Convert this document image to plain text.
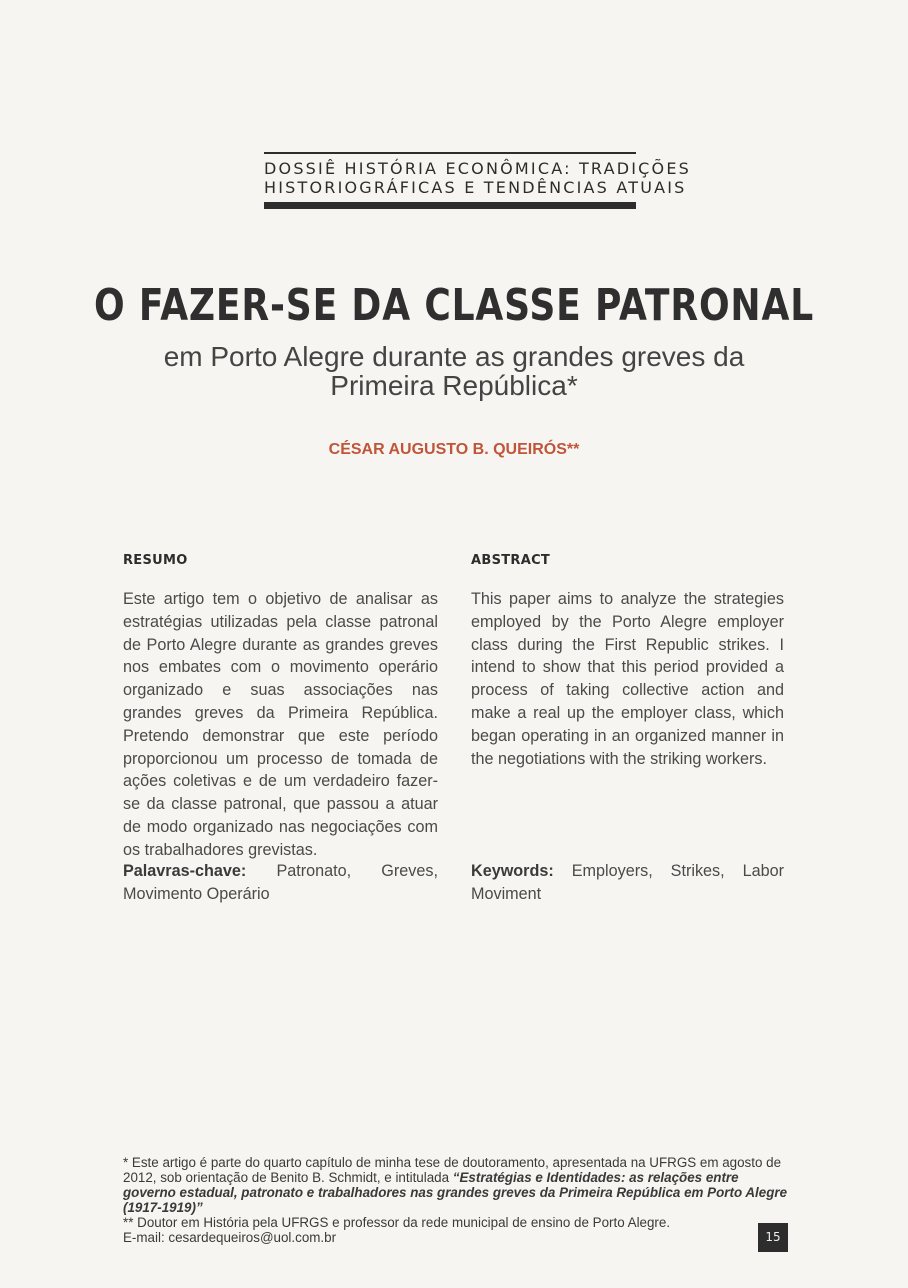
DOSSIÊ HISTÓRIA ECONÔMICA: TRADIÇÕES
HISTORIOGRÁFICAS E TENDÊNCIAS ATUAIS
O FAZER-SE DA CLASSE PATRONAL
em Porto Alegre durante as grandes greves da Primeira República*
CÉSAR AUGUSTO B. QUEIRÓS**
RESUMO
Este artigo tem o objetivo de analisar as estratégias utilizadas pela classe patronal de Porto Alegre durante as grandes greves nos embates com o movimento operário organizado e suas associações nas grandes greves da Primeira República. Pretendo demonstrar que este período proporcionou um processo de tomada de ações coletivas e de um verdadeiro fazer-se da classe patronal, que passou a atuar de modo organizado nas negociações com os trabalhadores grevistas.
ABSTRACT
This paper aims to analyze the strategies employed by the Porto Alegre employer class during the First Republic strikes. I intend to show that this period provided a process of taking collective action and make a real up the employer class, which began operating in an organized manner in the negotiations with the striking workers.
Palavras-chave: Patronato, Greves, Movimento Operário
Keywords: Employers, Strikes, Labor Moviment

* Este artigo é parte do quarto capítulo de minha tese de doutoramento, apresentada na UFRGS em agosto de 2012, sob orientação de Benito B. Schmidt, e intitulada “Estratégias e Identidades: as relações entre governo estadual, patronato e trabalhadores nas grandes greves da Primeira República em Porto Alegre (1917-1919)”

** Doutor em História pela UFRGS e professor da rede municipal de ensino de Porto Alegre.

E-mail: cesardequeiros@uol.com.br	15
